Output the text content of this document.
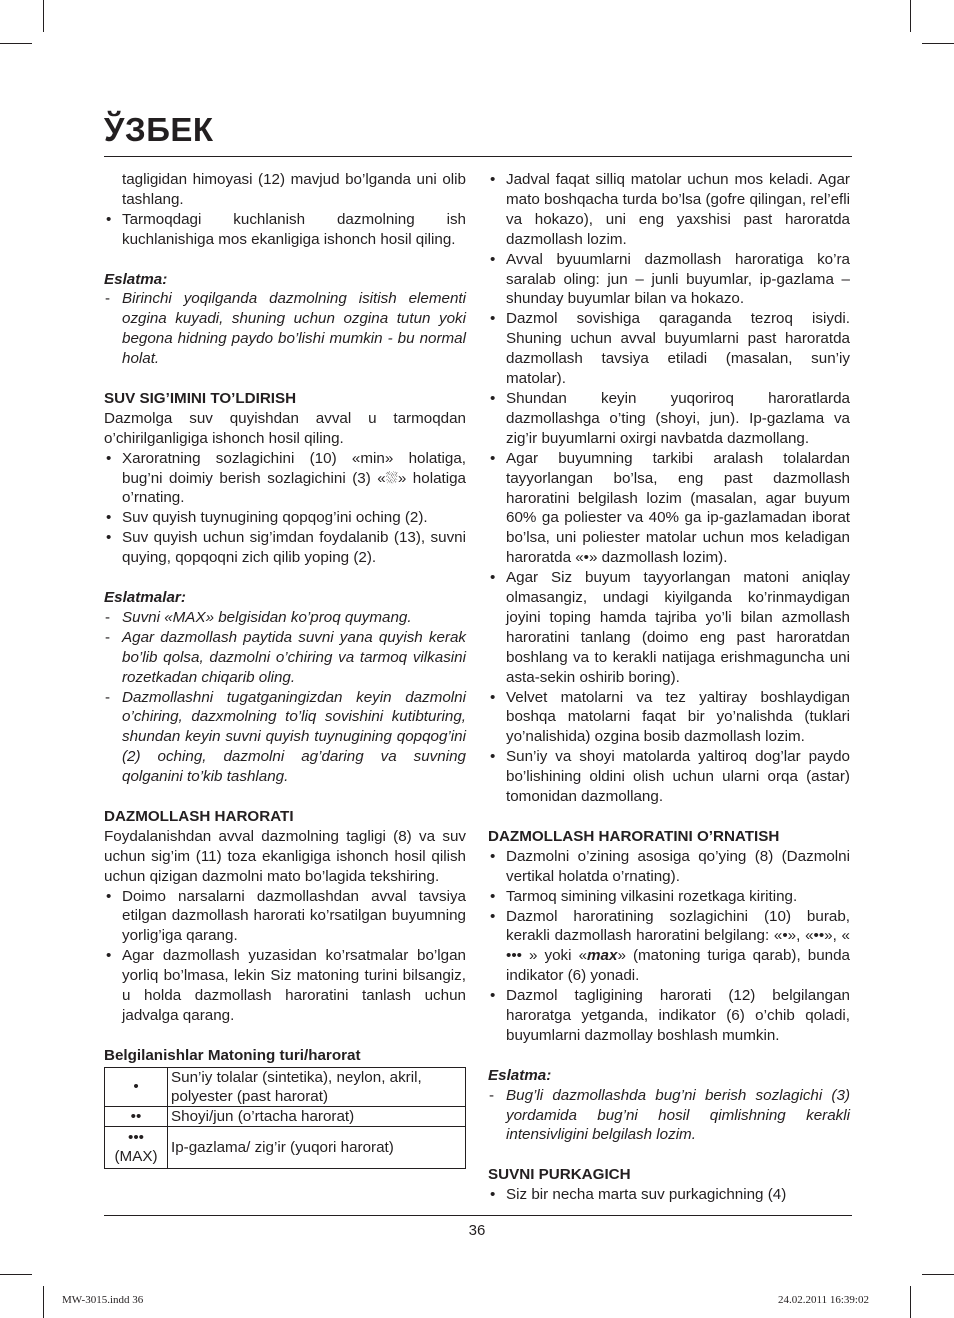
ЎЗБЕК

tagligidan himoyasi (12) mavjud bo’lganda uni olib tashlang.

• Tarmoqdagi kuchlanish dazmolning ish kuchlanishiga mos ekanligiga ishonch hosil qiling.

Eslatma:

- Birinchi yoqilganda dazmolning isitish elementi ozgina kuyadi, shuning uchun ozgina tutun yoki begona hidning paydo bo’lishi mumkin - bu normal holat.

SUV SIG’IMINI TO’LDIRISH

Dazmolga suv quyishdan avval u tarmoqdan o’chirilganligiga ishonch hosil qiling.

• Xaroratning sozlagichini (10) «min» holatiga, bug’ni doimiy berish sozlagichini (3) «⛆» holatiga o’rnating.
• Suv quyish tuynugining qopqog’ini oching (2).
• Suv quyish uchun sig’imdan foydalanib (13), suvni quying, qopqoqni zich qilib yoping (2).

Eslatmalar:

- Suvni «MAX» belgisidan ko’proq quymang.
- Agar dazmollash paytida suvni yana quyish kerak bo’lib qolsa, dazmolni o’chiring va tarmoq vilkasini rozetkadan chiqarib oling.
- Dazmollashni tugatganingizdan keyin dazmolni o’chiring, dazxmolning to’liq sovishini kutibturing, shundan keyin suvni quyish tuynugining qopqog’ini (2) oching, dazmolni ag’daring va suvning qolganini to’kib tashlang.

DAZMOLLASH HARORATI

Foydalanishdan avval dazmolning tagligi (8) va suv uchun sig’im (11) toza ekanligiga ishonch hosil qilish uchun qizigan dazmolni mato bo’lagida tekshiring.

• Doimo narsalarni dazmollashdan avval tavsiya etilgan dazmollash harorati ko’rsatilgan buyumning yorlig’iga qarang.
• Agar dazmollash yuzasidan ko’rsatmalar bo’lgan yorliq bo’lmasa, lekin Siz matoning turini bilsangiz, u holda dazmollash haroratini tanlash uchun jadvalga qarang.

Belgilanishlar Matoning turi/harorat

•	Sun’iy tolalar (sintetika), neylon, akril, polyester (past harorat)
••	Shoyi/jun (o’rtacha harorat)
•••
(MAX)	Ip-gazlama/ zig’ir (yuqori harorat)
• Jadval faqat silliq matolar uchun mos keladi. Agar mato boshqacha turda bo’lsa (gofre qilingan, rel’efli va hokazo), uni eng yaxshisi past haroratda dazmollash lozim.
• Avval byuumlarni dazmollash haroratiga ko’ra saralab oling: jun – junli buyumlar, ip-gazlama – shunday buyumlar bilan va hokazo.
• Dazmol sovishiga qaraganda tezroq isiydi. Shuning uchun avval buyumlarni past haroratda dazmollash tavsiya etiladi (masalan, sun’iy matolar).
• Shundan keyin yuqoriroq haroratlarda dazmollashga o’ting (shoyi, jun). Ip-gazlama va zig’ir buyumlarni oxirgi navbatda dazmollang.
• Agar buyumning tarkibi aralash tolalardan tayyorlangan bo’lsa, eng past dazmollash haroratini belgilash lozim (masalan, agar buyum 60% ga poliester va 40% ga ip-gazlamadan iborat bo’lsa, uni poliester matolar uchun mos keladigan haroratda «•» dazmollash lozim).
• Agar Siz buyum tayyorlangan matoni aniqlay olmasangiz, undagi kiyilganda ko’rinmaydigan joyini toping hamda tajriba yo’li bilan azmollash haroratini tanlang (doimo eng past haroratdan boshlang va to kerakli natijaga erishmaguncha uni asta-sekin oshirib boring).
• Velvet matolarni va tez yaltiray boshlaydigan boshqa matolarni faqat bir yo’nalishda (tuklari yo’nalishida) ozgina bosib dazmollash lozim.
• Sun’iy va shoyi matolarda yaltiroq dog’lar paydo bo’lishining oldini olish uchun ularni orqa (astar) tomonidan dazmollang.

DAZMOLLASH HARORATINI O’RNATISH

• Dazmolni o’zining asosiga qo’ying (8) (Dazmolni vertikal holatda o’rnating).
• Tarmoq simining vilkasini rozetkaga kiriting.
• Dazmol haroratining sozlagichini (10) burab, kerakli dazmollash haroratini belgilang: «•», «••», « ••• » yoki «max» (matoning turiga qarab), bunda indikator (6) yonadi.
• Dazmol tagligining harorati (12) belgilangan haroratga yetganda, indikator (6) o’chib qoladi, buyumlarni dazmollay boshlash mumkin.

Eslatma:

- Bug’li dazmollashda bug’ni berish sozlagichi (3) yordamida bug’ni hosil qimlishning kerakli intensivligini belgilash lozim.

SUVNI PURKAGICH

• Siz bir necha marta suv purkagichning (4)
36
MW-3015.indd 36	24.02.2011 16:39:02
